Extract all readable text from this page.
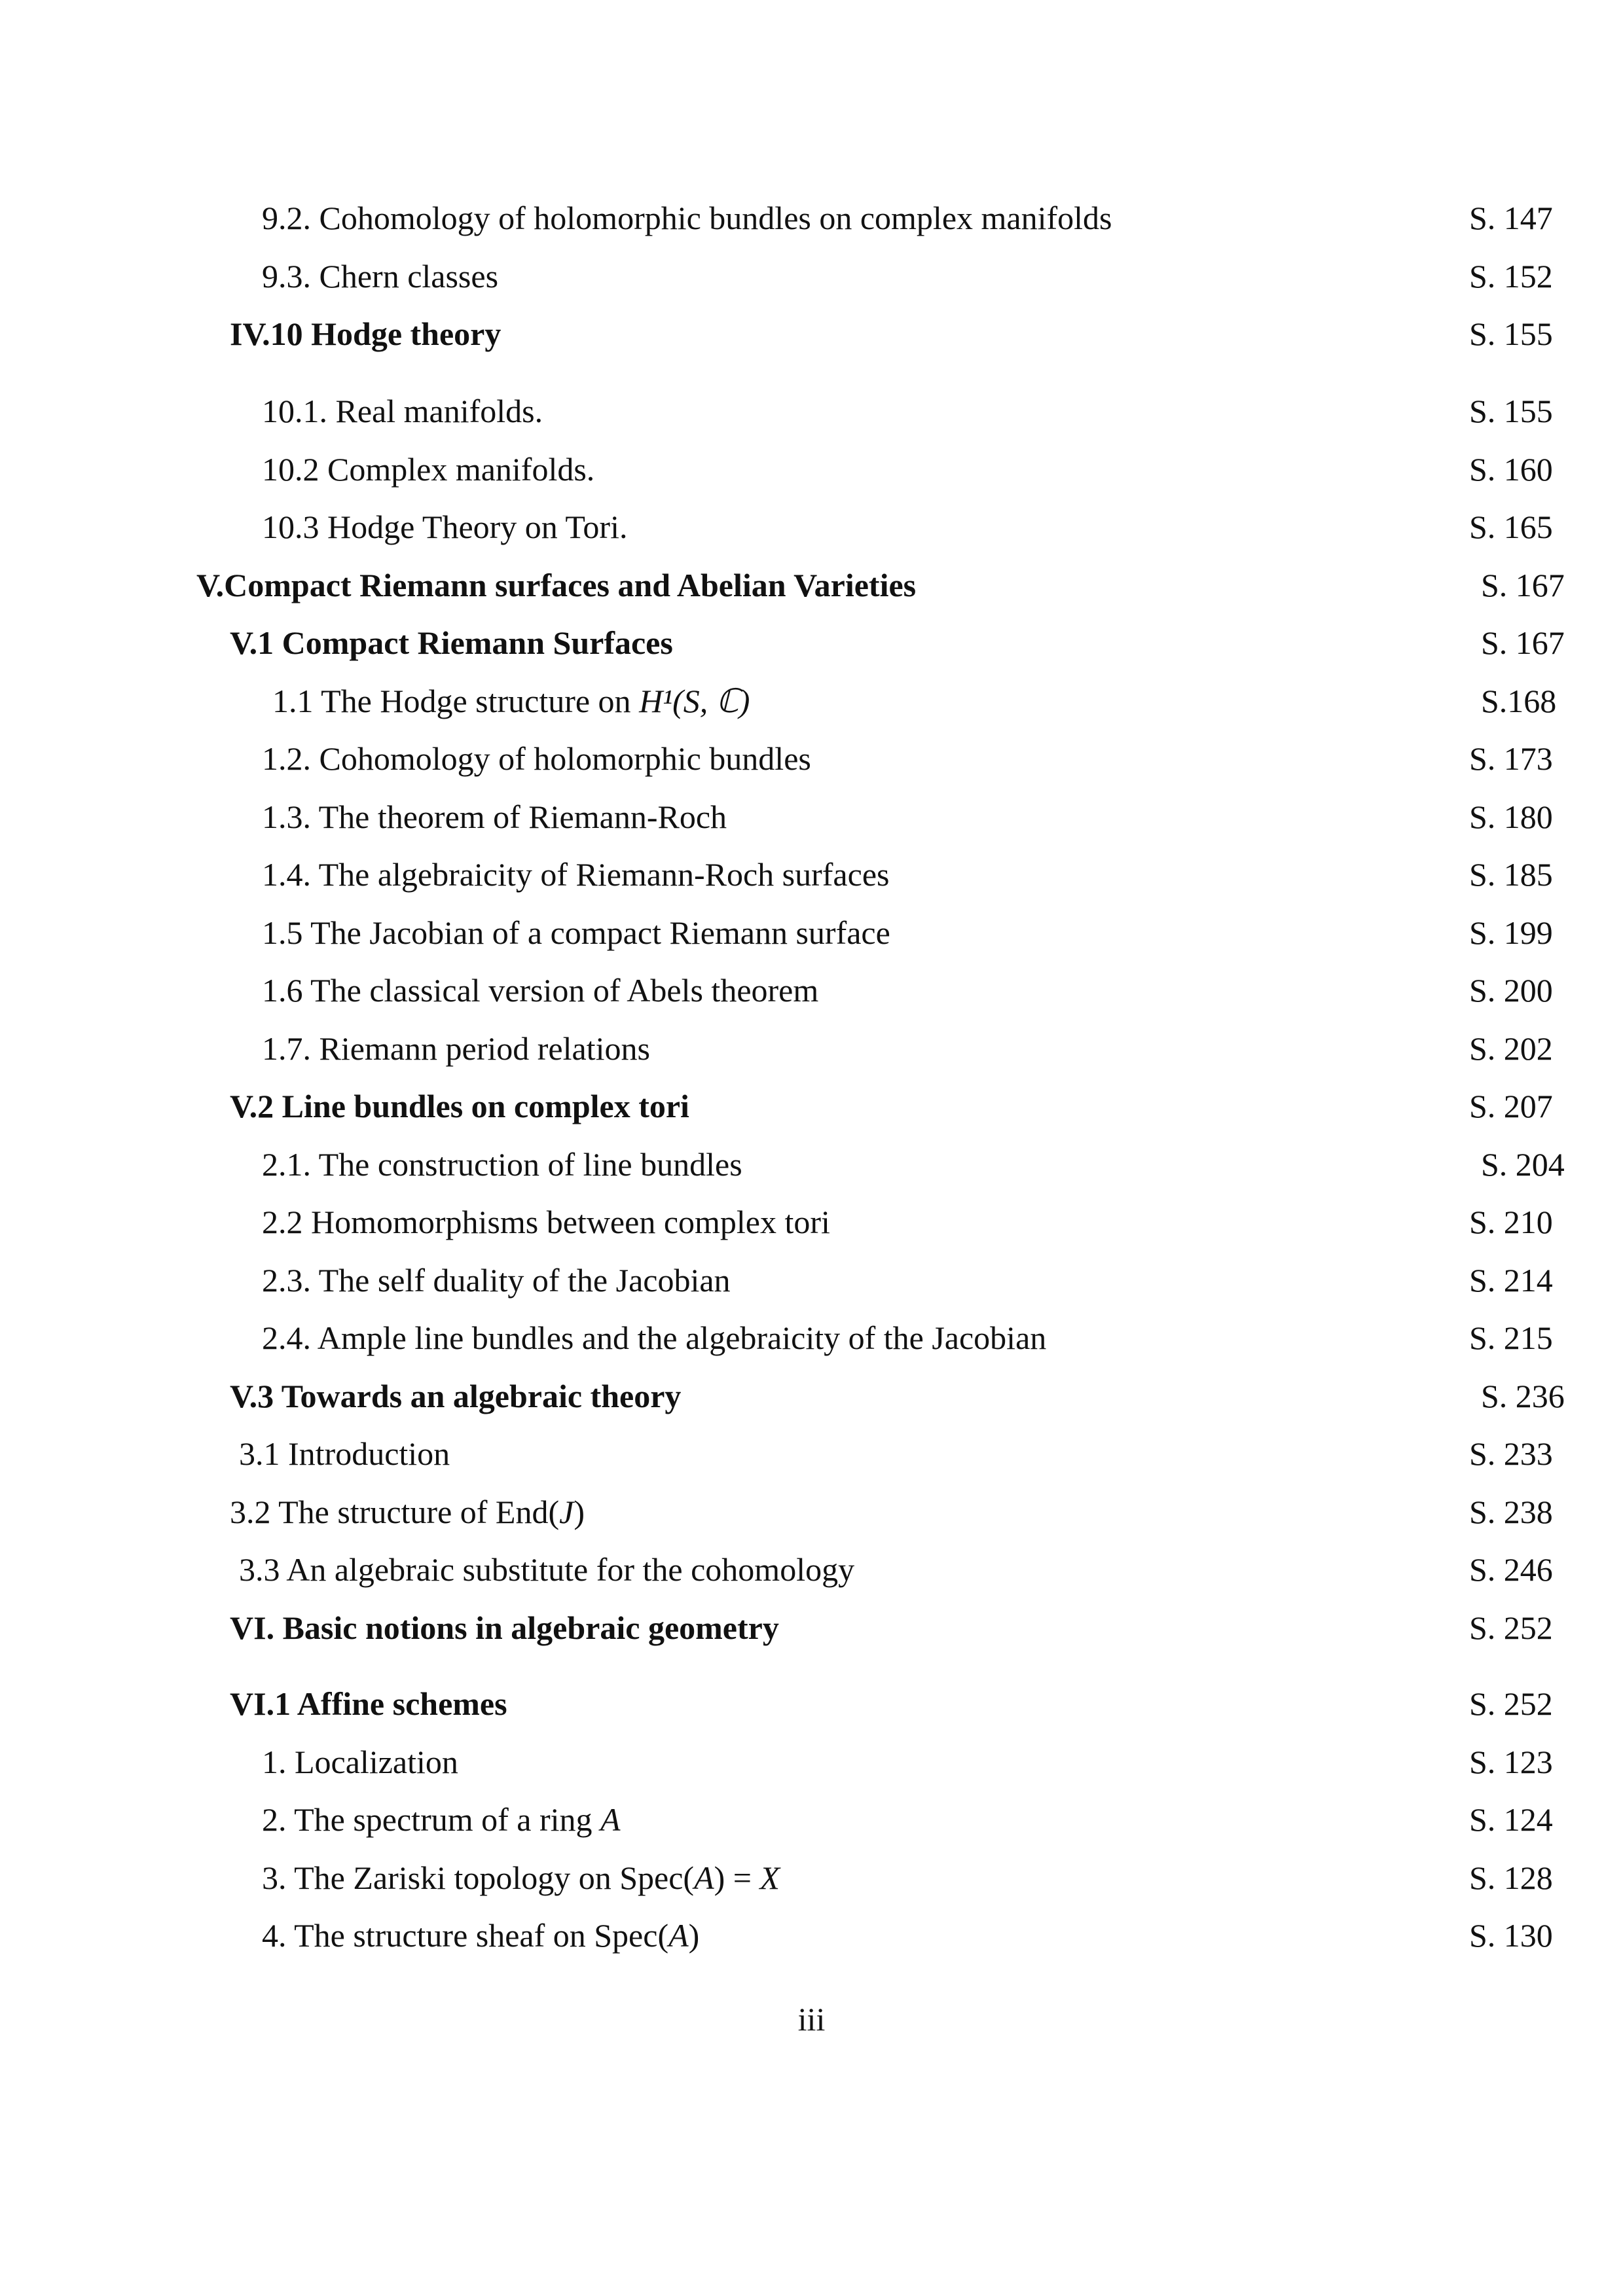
9.2. Cohomology of holomorphic bundles on complex manifolds	S. 147
9.3. Chern classes	S. 152
IV.10 Hodge theory	S. 155
10.1. Real manifolds.	S. 155
10.2 Complex manifolds.	S. 160
10.3 Hodge Theory on Tori.	S. 165
V.Compact Riemann surfaces and Abelian Varieties	S. 167
V.1 Compact Riemann Surfaces	S. 167
1.1 The Hodge structure on H¹(S, ℂ)	S.168
1.2. Cohomology of holomorphic bundles	S. 173
1.3. The theorem of Riemann-Roch	S. 180
1.4. The algebraicity of Riemann-Roch surfaces	S. 185
1.5 The Jacobian of a compact Riemann surface	S. 199
1.6 The classical version of Abels theorem	S. 200
1.7. Riemann period relations	S. 202
V.2 Line bundles on complex tori	S. 207
2.1. The construction of line bundles	S. 204
2.2 Homomorphisms between complex tori	S. 210
2.3. The self duality of the Jacobian	S. 214
2.4. Ample line bundles and the algebraicity of the Jacobian	S. 215
V.3 Towards an algebraic theory	S. 236
3.1 Introduction	S. 233
3.2 The structure of End(J)	S. 238
3.3 An algebraic substitute for the cohomology	S. 246
VI. Basic notions in algebraic geometry	S. 252
VI.1 Affine schemes	S. 252
1. Localization	S. 123
2. The spectrum of a ring A	S. 124
3. The Zariski topology on Spec(A) = X	S. 128
4. The structure sheaf on Spec(A)	S. 130
iii
